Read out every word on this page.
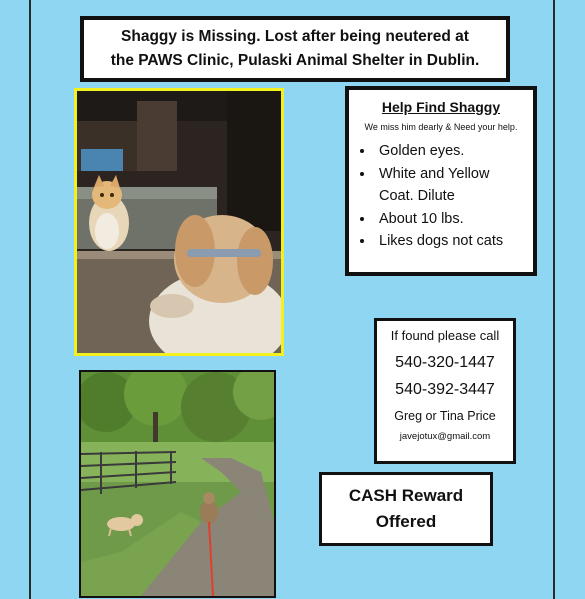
Shaggy is Missing. Lost after being neutered at
the PAWS Clinic, Pulaski Animal Shelter in Dublin.
Help Find Shaggy
We miss him dearly & Need your help.
• Golden eyes.
• White and Yellow Coat. Dilute
• About 10 lbs.
• Likes dogs not cats
If found please call
540-320-1447
540-392-3447
Greg or Tina Price
javejotux@gmail.com
CASH Reward
Offered
